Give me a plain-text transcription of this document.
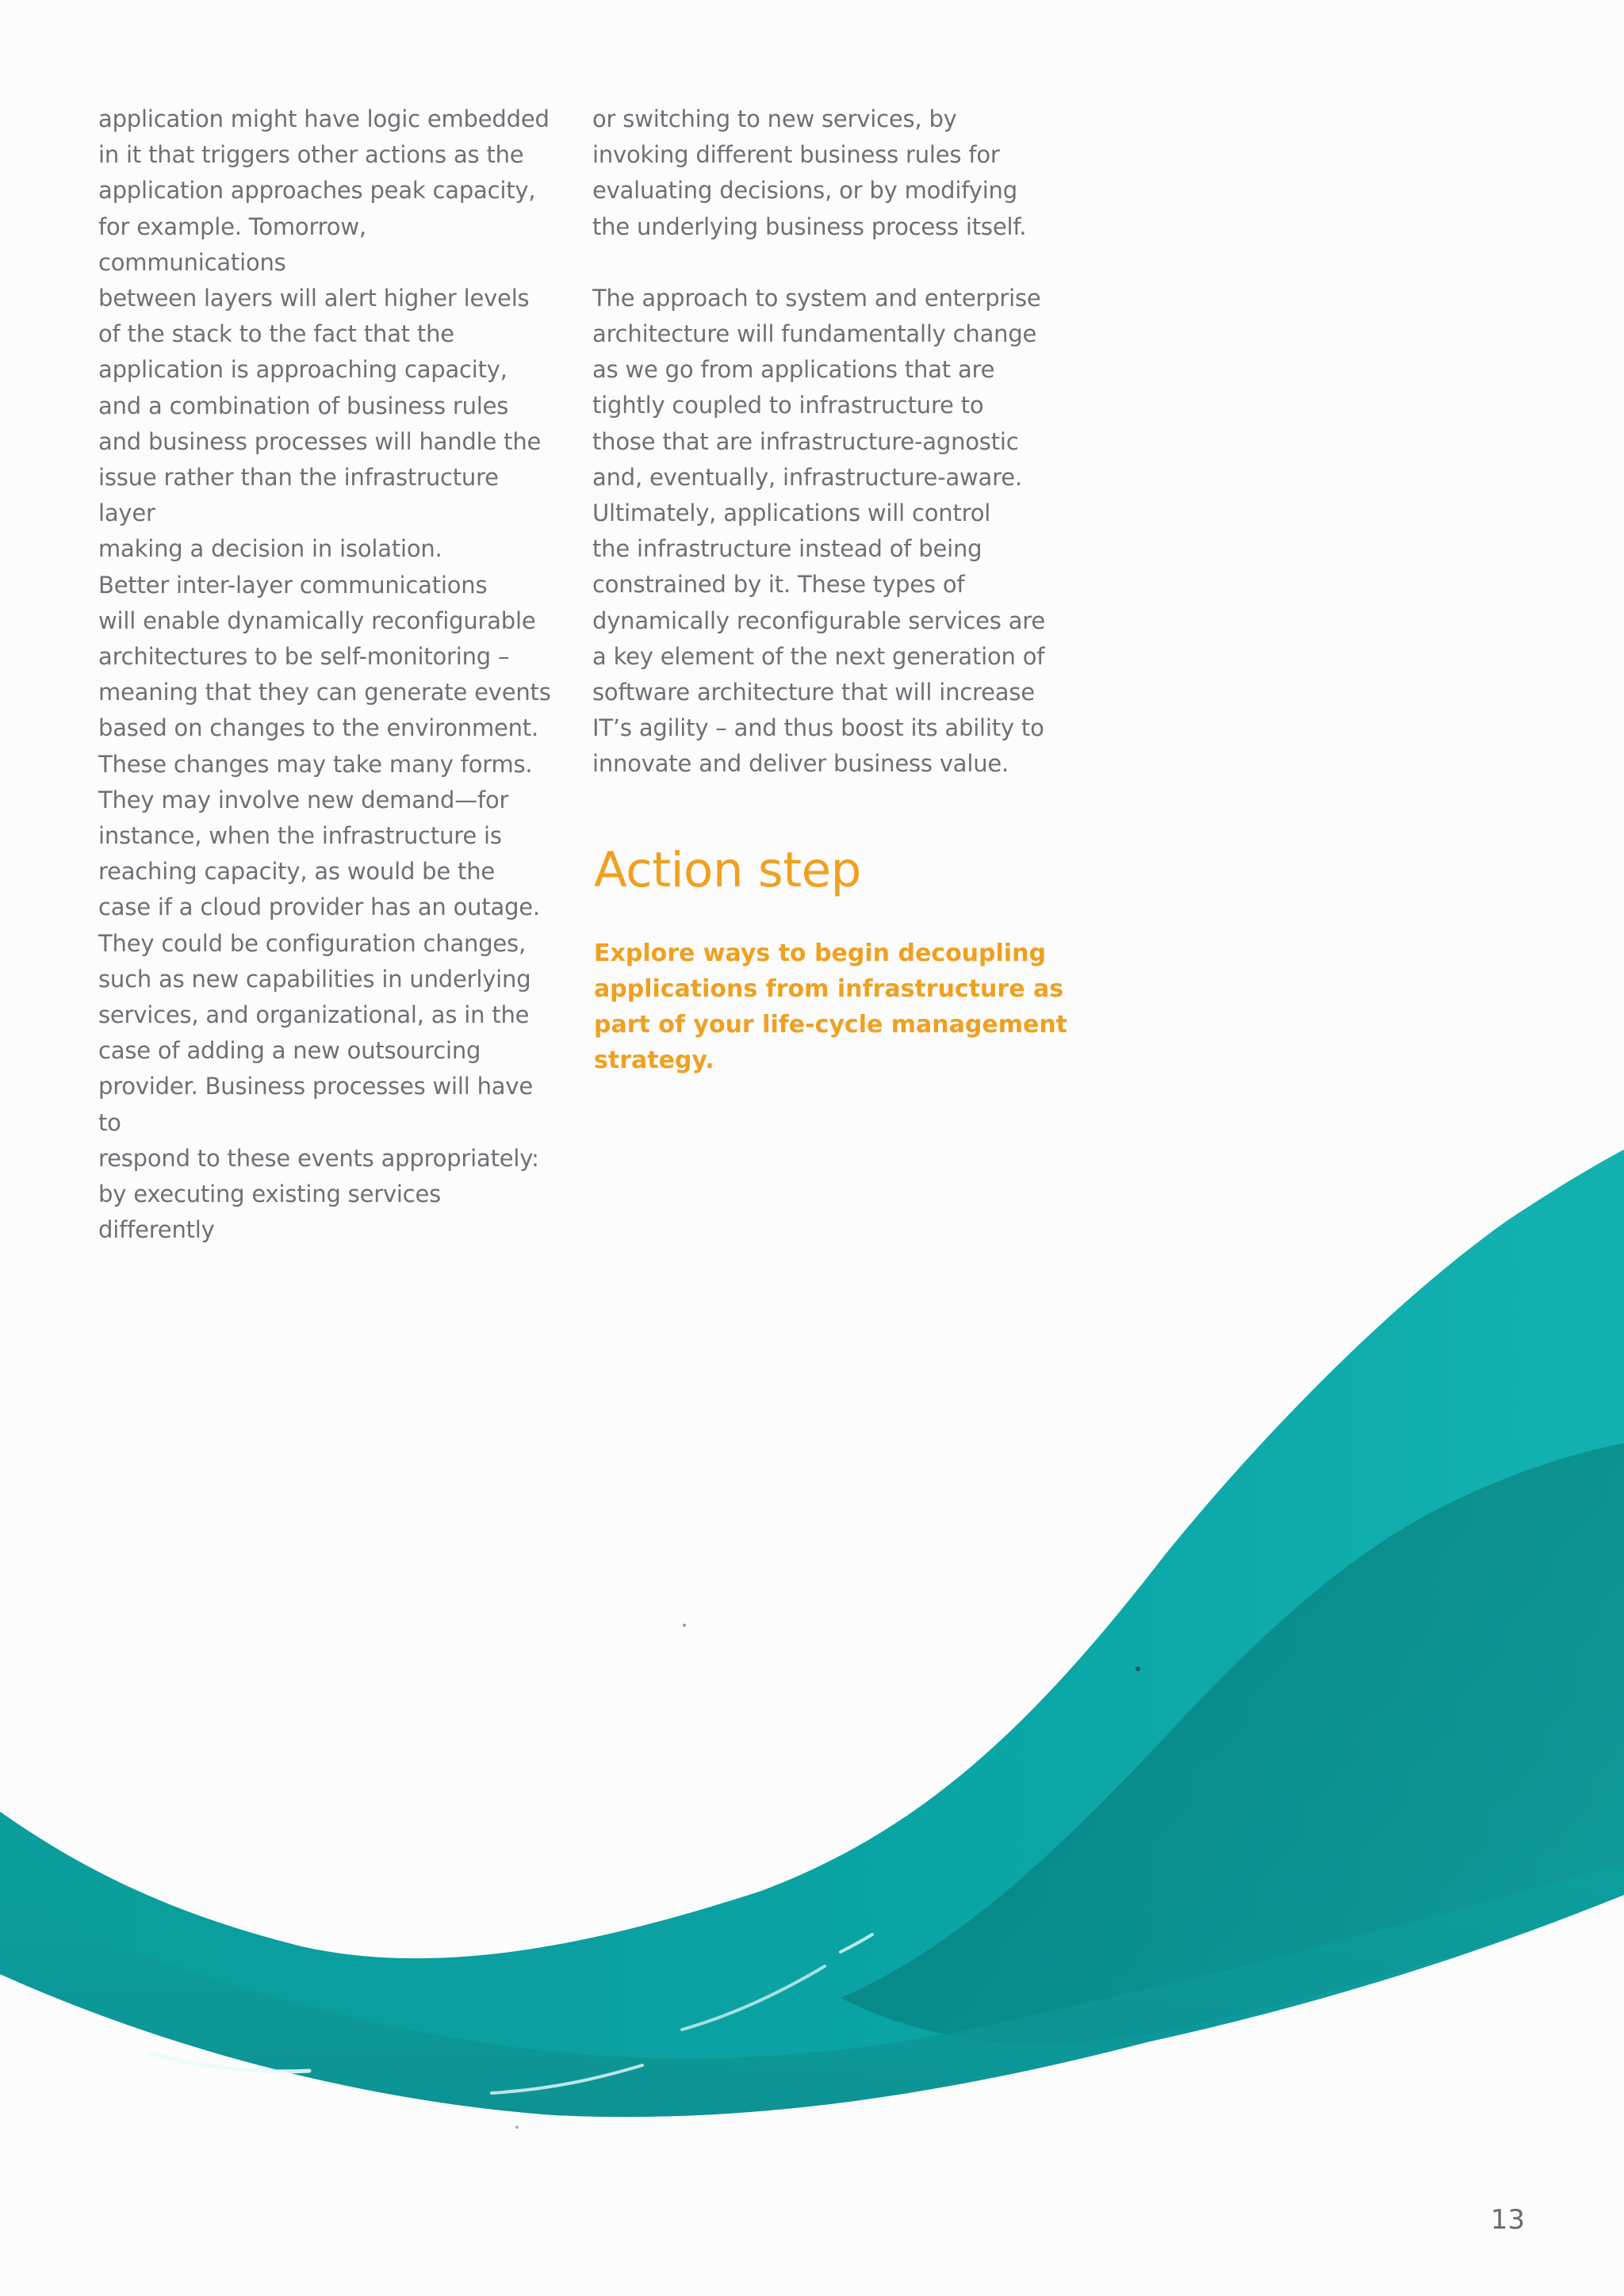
application might have logic embedded
in it that triggers other actions as the
application approaches peak capacity,
for example. Tomorrow, communications
between layers will alert higher levels
of the stack to the fact that the
application is approaching capacity,
and a combination of business rules
and business processes will handle the
issue rather than the infrastructure layer
making a decision in isolation.
Better inter-layer communications
will enable dynamically reconfigurable
architectures to be self-monitoring –
meaning that they can generate events
based on changes to the environment.
These changes may take many forms.
They may involve new demand—for
instance, when the infrastructure is
reaching capacity, as would be the
case if a cloud provider has an outage.
They could be configuration changes,
such as new capabilities in underlying
services, and organizational, as in the
case of adding a new outsourcing
provider. Business processes will have to
respond to these events appropriately:
by executing existing services differently

or switching to new services, by
invoking different business rules for
evaluating decisions, or by modifying
the underlying business process itself.

The approach to system and enterprise
architecture will fundamentally change
as we go from applications that are
tightly coupled to infrastructure to
those that are infrastructure-agnostic
and, eventually, infrastructure-aware.
Ultimately, applications will control
the infrastructure instead of being
constrained by it. These types of
dynamically reconfigurable services are
a key element of the next generation of
software architecture that will increase
IT’s agility – and thus boost its ability to
innovate and deliver business value.

Action step

Explore ways to begin decoupling
applications from infrastructure as
part of your life-cycle management
strategy.

13
